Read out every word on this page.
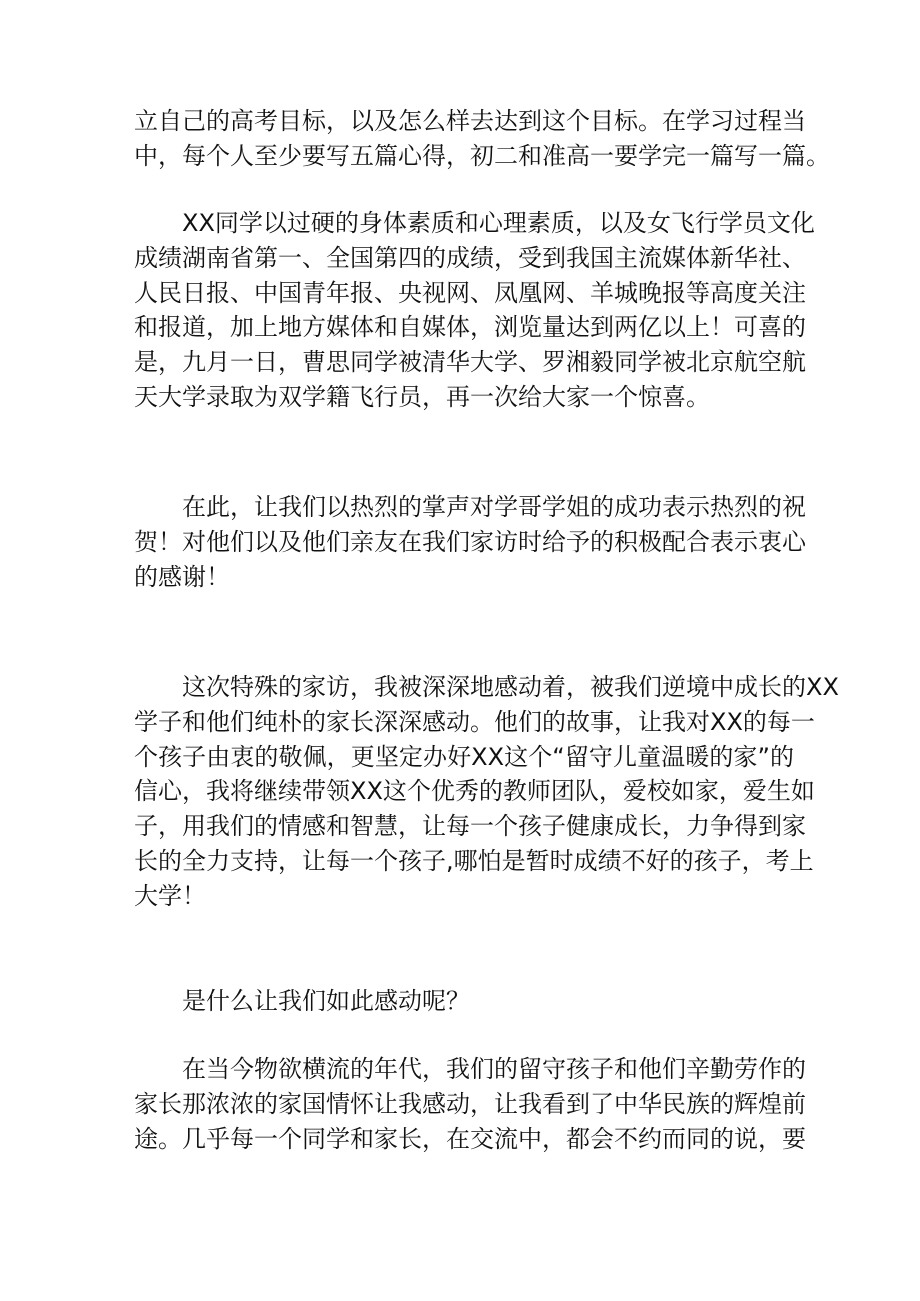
立自己的高考目标，以及怎么样去达到这个目标。在学习过程当
中，每个人至少要写五篇心得，初二和准高一要学完一篇写一篇。
XX同学以过硬的身体素质和心理素质，以及女飞行学员文化
成绩湖南省第一、全国第四的成绩，受到我国主流媒体新华社、
人民日报、中国青年报、央视网、凤凰网、羊城晚报等高度关注
和报道，加上地方媒体和自媒体，浏览量达到两亿以上！可喜的
是，九月一日，曹思同学被清华大学、罗湘毅同学被北京航空航
天大学录取为双学籍飞行员，再一次给大家一个惊喜。
在此，让我们以热烈的掌声对学哥学姐的成功表示热烈的祝
贺！对他们以及他们亲友在我们家访时给予的积极配合表示衷心
的感谢！
这次特殊的家访，我被深深地感动着，被我们逆境中成长的XX
学子和他们纯朴的家长深深感动。他们的故事，让我对XX的每一
个孩子由衷的敬佩，更坚定办好XX这个“留守儿童温暖的家”的
信心，我将继续带领XX这个优秀的教师团队，爱校如家，爱生如
子，用我们的情感和智慧，让每一个孩子健康成长，力争得到家
长的全力支持，让每一个孩子,哪怕是暂时成绩不好的孩子，考上
大学！
是什么让我们如此感动呢？
在当今物欲横流的年代，我们的留守孩子和他们辛勤劳作的
家长那浓浓的家国情怀让我感动，让我看到了中华民族的辉煌前
途。几乎每一个同学和家长，在交流中，都会不约而同的说，要
